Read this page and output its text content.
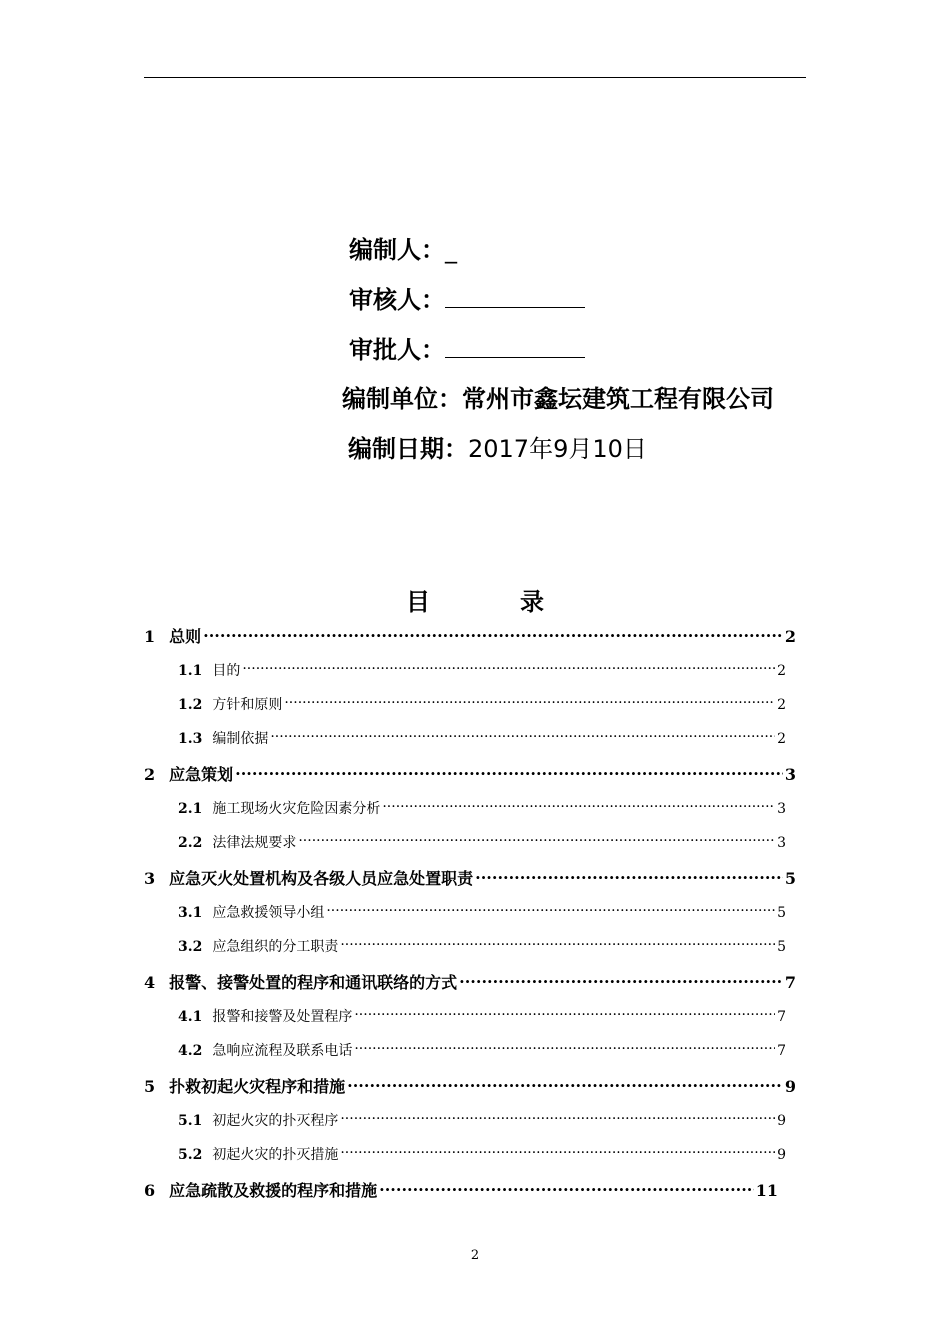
编制人：_
审核人：
审批人：
编制单位：常州市鑫坛建筑工程有限公司
编制日期：2017年9月10日
目 录
1 总则 ·····	2
1.1 目的 ·····	2
1.2 方针和原则 ·····	2
1.3 编制依据 ·····	2
2 应急策划 ·····	3
2.1 施工现场火灾危险因素分析 ·····	3
2.2 法律法规要求 ·····	3
3 应急灭火处置机构及各级人员应急处置职责 ·····	5
3.1 应急救援领导小组 ·····	5
3.2 应急组织的分工职责 ·····	5
4 报警、接警处置的程序和通讯联络的方式 ·····	7
4.1 报警和接警及处置程序 ·····	7
4.2 急响应流程及联系电话 ·····	7
5 扑救初起火灾程序和措施 ·····	9
5.1 初起火灾的扑灭程序 ·····	9
5.2 初起火灾的扑灭措施 ·····	9
6 应急疏散及救援的程序和措施 ·····	11
2
